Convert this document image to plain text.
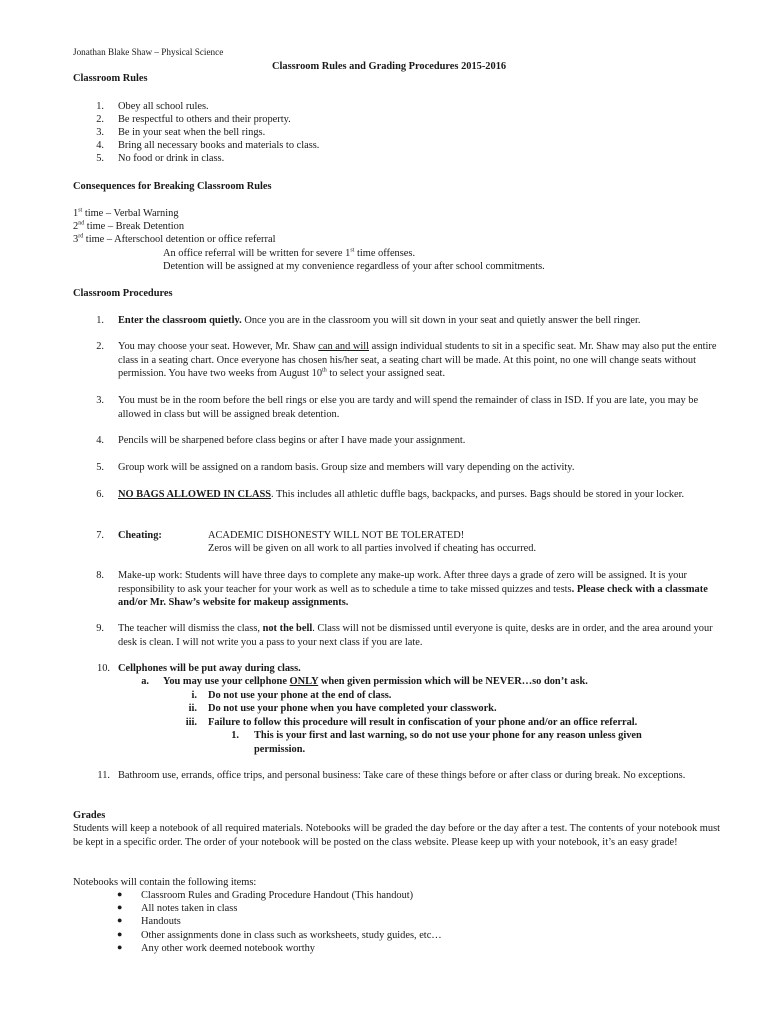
Jonathan Blake Shaw – Physical Science
Classroom Rules and Grading Procedures 2015-2016
Classroom Rules
1. Obey all school rules.
2. Be respectful to others and their property.
3. Be in your seat when the bell rings.
4. Bring all necessary books and materials to class.
5. No food or drink in class.
Consequences for Breaking Classroom Rules
1st time – Verbal Warning
2nd time – Break Detention
3rd time – Afterschool detention or office referral
An office referral will be written for severe 1st time offenses.
Detention will be assigned at my convenience regardless of your after school commitments.
Classroom Procedures
1. Enter the classroom quietly. Once you are in the classroom you will sit down in your seat and quietly answer the bell ringer.
2. You may choose your seat. However, Mr. Shaw can and will assign individual students to sit in a specific seat. Mr. Shaw may also put the entire class in a seating chart. Once everyone has chosen his/her seat, a seating chart will be made. At this point, no one will change seats without permission. You have two weeks from August 10th to select your assigned seat.
3. You must be in the room before the bell rings or else you are tardy and will spend the remainder of class in ISD. If you are late, you may be allowed in class but will be assigned break detention.
4. Pencils will be sharpened before class begins or after I have made your assignment.
5. Group work will be assigned on a random basis. Group size and members will vary depending on the activity.
6. NO BAGS ALLOWED IN CLASS. This includes all athletic duffle bags, backpacks, and purses. Bags should be stored in your locker.
7. Cheating:	ACADEMIC DISHONESTY WILL NOT BE TOLERATED!
Zeros will be given on all work to all parties involved if cheating has occurred.
8. Make-up work: Students will have three days to complete any make-up work. After three days a grade of zero will be assigned. It is your responsibility to ask your teacher for your work as well as to schedule a time to take missed quizzes and tests. Please check with a classmate and/or Mr. Shaw’s website for makeup assignments.
9. The teacher will dismiss the class, not the bell. Class will not be dismissed until everyone is quite, desks are in order, and the area around your desk is clean. I will not write you a pass to your next class if you are late.
10. Cellphones will be put away during class.
a. You may use your cellphone ONLY when given permission which will be NEVER…so don’t ask.
i. Do not use your phone at the end of class.
ii. Do not use your phone when you have completed your classwork.
iii. Failure to follow this procedure will result in confiscation of your phone and/or an office referral.
1. This is your first and last warning, so do not use your phone for any reason unless given permission.
11. Bathroom use, errands, office trips, and personal business: Take care of these things before or after class or during break. No exceptions.
Grades
Students will keep a notebook of all required materials. Notebooks will be graded the day before or the day after a test. The contents of your notebook must be kept in a specific order. The order of your notebook will be posted on the class website. Please keep up with your notebook, it’s an easy grade!
Notebooks will contain the following items:
● Classroom Rules and Grading Procedure Handout (This handout)
● All notes taken in class
● Handouts
● Other assignments done in class such as worksheets, study guides, etc…
● Any other work deemed notebook worthy
